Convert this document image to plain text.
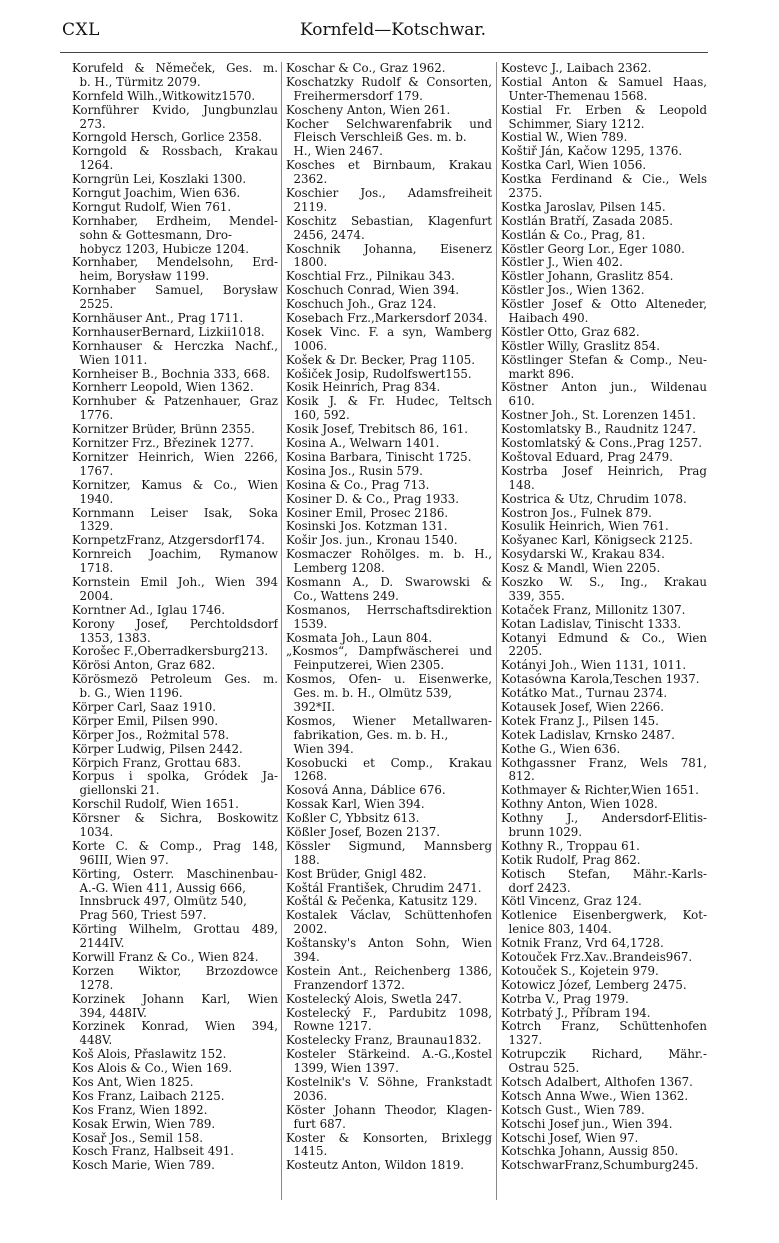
CXL	Kornfeld—Kotschwar.
Korufeld & Němeček, Ges. m.
b. H., Türmitz 2079.
Kornfeld Wilh.,Witkowitz1570.
Kornführer Kvido, Jungbunzlau
273.
Korngold Hersch, Gorlice 2358.
Korngold & Rossbach, Krakau
1264.
Korngrün Lei, Koszlaki 1300.
Korngut Joachim, Wien 636.
Korngut Rudolf, Wien 761.
Kornhaber, Erdheim, Mendel-
sohn & Gottesmann, Dro-
hobycz 1203, Hubicze 1204.
Kornhaber, Mendelsohn, Erd-
heim, Borysław 1199.
Kornhaber Samuel, Borysław
2525.
Kornhäuser Ant., Prag 1711.
KornhauserBernard, Lizkii1018.
Kornhauser & Herczka Nachf.,
Wien 1011.
Kornheiser B., Bochnia 333, 668.
Kornherr Leopold, Wien 1362.
Kornhuber & Patzenhauer, Graz
1776.
Kornitzer Brüder, Brünn 2355.
Kornitzer Frz., Březinek 1277.
Kornitzer Heinrich, Wien 2266,
1767.
Kornitzer, Kamus & Co., Wien
1940.
Kornmann Leiser Isak, Soka
1329.
KornpetzFranz, Atzgersdorf174.
Kornreich Joachim, Rymanow
1718.
Kornstein Emil Joh., Wien 394
2004.
Korntner Ad., Iglau 1746.
Korony Josef, Perchtoldsdorf
1353, 1383.
Korošec F.,Oberradkersburg213.
Körösi Anton, Graz 682.
Körösmezö Petroleum Ges. m.
b. G., Wien 1196.
Körper Carl, Saaz 1910.
Körper Emil, Pilsen 990.
Körper Jos., Rożmital 578.
Körper Ludwig, Pilsen 2442.
Körpich Franz, Grottau 683.
Korpus i spolka, Gródek Ja-
giellonski 21.
Korschil Rudolf, Wien 1651.
Körsner & Sichra, Boskowitz
1034.
Korte C. & Comp., Prag 148,
96III, Wien 97.
Körting, Österr. Maschinenbau-
A.-G. Wien 411, Aussig 666,
Innsbruck 497, Olmütz 540,
Prag 560, Triest 597.
Körting Wilhelm, Grottau 489,
2144IV.
Korwill Franz & Co., Wien 824.
Korzen Wiktor, Brzozdowce
1278.
Korzinek Johann Karl, Wien
394, 448IV.
Korzinek Konrad, Wien 394,
448V.
Koš Alois, Přaslawitz 152.
Kos Alois & Co., Wien 169.
Kos Ant, Wien 1825.
Kos Franz, Laibach 2125.
Kos Franz, Wien 1892.
Kosak Erwin, Wien 789.
Kosař Jos., Semil 158.
Kosch Franz, Halbseit 491.
Kosch Marie, Wien 789.
Koschar & Co., Graz 1962.
Koschatzky Rudolf & Consorten,
Freihermersdorf 179.
Koscheny Anton, Wien 261.
Kocher Selchwarenfabrik und
Fleisch Verschleiß Ges. m. b.
H., Wien 2467.
Kosches et Birnbaum, Krakau
2362.
Koschier Jos., Adamsfreiheit
2119.
Koschitz Sebastian, Klagenfurt
2456, 2474.
Koschnik Johanna, Eisenerz
1800.
Koschtial Frz., Pilnikau 343.
Koschuch Conrad, Wien 394.
Koschuch Joh., Graz 124.
Kosebach Frz.,Markersdorf 2034.
Kosek Vinc. F. a syn, Wamberg
1006.
Košek & Dr. Becker, Prag 1105.
Košiček Josip, Rudolfswert155.
Kosik Heinrich, Prag 834.
Kosik J. & Fr. Hudec, Teltsch
160, 592.
Kosik Josef, Trebitsch 86, 161.
Kosina A., Welwarn 1401.
Kosina Barbara, Tinischt 1725.
Kosina Jos., Rusin 579.
Kosina & Co., Prag 713.
Kosiner D. & Co., Prag 1933.
Kosiner Emil, Prosec 2186.
Kosinski Jos. Kotzman 131.
Košir Jos. jun., Kronau 1540.
Kosmaczer Rohölges. m. b. H.,
Lemberg 1208.
Kosmann A., D. Swarowski &
Co., Wattens 249.
Kosmanos, Herrschaftsdirektion
1539.
Kosmata Joh., Laun 804.
„Kosmos“, Dampfwäscherei und
Feinputzerei, Wien 2305.
Kosmos, Ofen- u. Eisenwerke,
Ges. m. b. H., Olmütz 539,
392*II.
Kosmos, Wiener Metallwaren-
fabrikation, Ges. m. b. H.,
Wien 394.
Kosobucki et Comp., Krakau
1268.
Kosová Anna, Dáblice 676.
Kossak Karl, Wien 394.
Koßler C, Ybbsitz 613.
Kößler Josef, Bozen 2137.
Kössler Sigmund, Mannsberg
188.
Kost Brüder, Gnigl 482.
Koštál František, Chrudim 2471.
Koštál & Pečenka, Katusitz 129.
Kostalek Václav, Schüttenhofen
2002.
Koštansky's Anton Sohn, Wien
394.
Kostein Ant., Reichenberg 1386,
Franzendorf 1372.
Kostelecký Alois, Swetla 247.
Kostelecký F., Pardubitz 1098,
Rowne 1217.
Kostelecky Franz, Braunau1832.
Kosteler Stärkeind. A.-G.,Kostel
1399, Wien 1397.
Kostelnik's V. Söhne, Frankstadt
2036.
Köster Johann Theodor, Klagen-
furt 687.
Koster & Konsorten, Brixlegg
1415.
Kosteutz Anton, Wildon 1819.
Kostevc J., Laibach 2362.
Kostial Anton & Samuel Haas,
Unter-Themenau 1568.
Kostial Fr. Erben & Leopold
Schimmer, Siary 1212.
Kostial W., Wien 789.
Koštiř Ján, Kačow 1295, 1376.
Kostka Carl, Wien 1056.
Kostka Ferdinand & Cie., Wels
2375.
Kostka Jaroslav, Pilsen 145.
Kostlán Bratří, Zasada 2085.
Kostlán & Co., Prag, 81.
Köstler Georg Lor., Eger 1080.
Köstler J., Wien 402.
Köstler Johann, Graslitz 854.
Köstler Jos., Wien 1362.
Köstler Josef & Otto Alteneder,
Haibach 490.
Köstler Otto, Graz 682.
Köstler Willy, Graslitz 854.
Köstlinger Stefan & Comp., Neu-
markt 896.
Köstner Anton jun., Wildenau
610.
Kostner Joh., St. Lorenzen 1451.
Kostomlatsky B., Raudnitz 1247.
Kostomlatský & Cons.,Prag 1257.
Koštoval Eduard, Prag 2479.
Kostrba Josef Heinrich, Prag
148.
Kostrica & Utz, Chrudim 1078.
Kostron Jos., Fulnek 879.
Kosulik Heinrich, Wien 761.
Košyanec Karl, Königseck 2125.
Kosydarski W., Krakau 834.
Kosz & Mandl, Wien 2205.
Koszko W. S., Ing., Krakau
339, 355.
Kotaček Franz, Millonitz 1307.
Kotan Ladislav, Tinischt 1333.
Kotanyi Edmund & Co., Wien
2205.
Kotányi Joh., Wien 1131, 1011.
Kotasówna Karola,Teschen 1937.
Kotátko Mat., Turnau 2374.
Kotausek Josef, Wien 2266.
Kotek Franz J., Pilsen 145.
Kotek Ladislav, Krnsko 2487.
Kothe G., Wien 636.
Kothgassner Franz, Wels 781,
812.
Kothmayer & Richter,Wien 1651.
Kothny Anton, Wien 1028.
Kothny J., Andersdorf-Elitis-
brunn 1029.
Kothny R., Troppau 61.
Kotik Rudolf, Prag 862.
Kotisch Stefan, Mähr.-Karls-
dorf 2423.
Kötl Vincenz, Graz 124.
Kotlenice Eisenbergwerk, Kot-
lenice 803, 1404.
Kotnik Franz, Vrd 64,1728.
Kotouček Frz.Xav..Brandeis967.
Kotouček S., Kojetein 979.
Kotowicz Józef, Lemberg 2475.
Kotrba V., Prag 1979.
Kotrbatý J., Příbram 194.
Kotrch Franz, Schüttenhofen
1327.
Kotrupczik Richard, Mähr.-
Ostrau 525.
Kotsch Adalbert, Althofen 1367.
Kotsch Anna Wwe., Wien 1362.
Kotsch Gust., Wien 789.
Kotschi Josef jun., Wien 394.
Kotschi Josef, Wien 97.
Kotschka Johann, Aussig 850.
KotschwarFranz,Schumburg245.
